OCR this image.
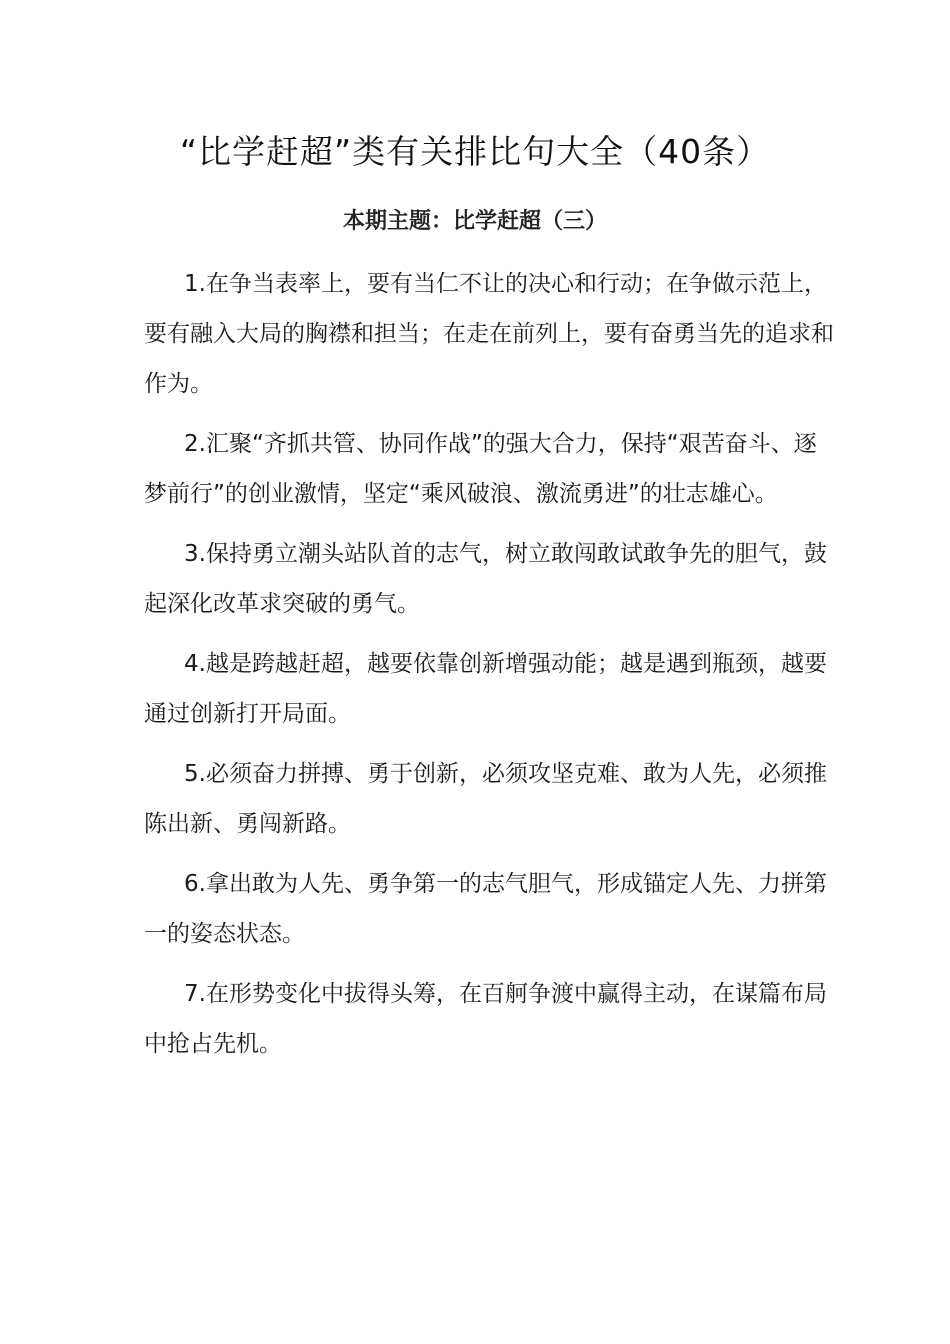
“比学赶超”类有关排比句大全（40条）
本期主题：比学赶超（三）

1.在争当表率上，要有当仁不让的决心和行动；在争做示范上，要有融入大局的胸襟和担当；在走在前列上，要有奋勇当先的追求和作为。

2.汇聚“齐抓共管、协同作战”的强大合力，保持“艰苦奋斗、逐梦前行”的创业激情，坚定“乘风破浪、激流勇进”的壮志雄心。

3.保持勇立潮头站队首的志气，树立敢闯敢试敢争先的胆气，鼓起深化改革求突破的勇气。

4.越是跨越赶超，越要依靠创新增强动能；越是遇到瓶颈，越要通过创新打开局面。

5.必须奋力拼搏、勇于创新，必须攻坚克难、敢为人先，必须推陈出新、勇闯新路。

6.拿出敢为人先、勇争第一的志气胆气，形成锚定人先、力拼第一的姿态状态。

7.在形势变化中拔得头筹，在百舸争渡中赢得主动，在谋篇布局中抢占先机。
